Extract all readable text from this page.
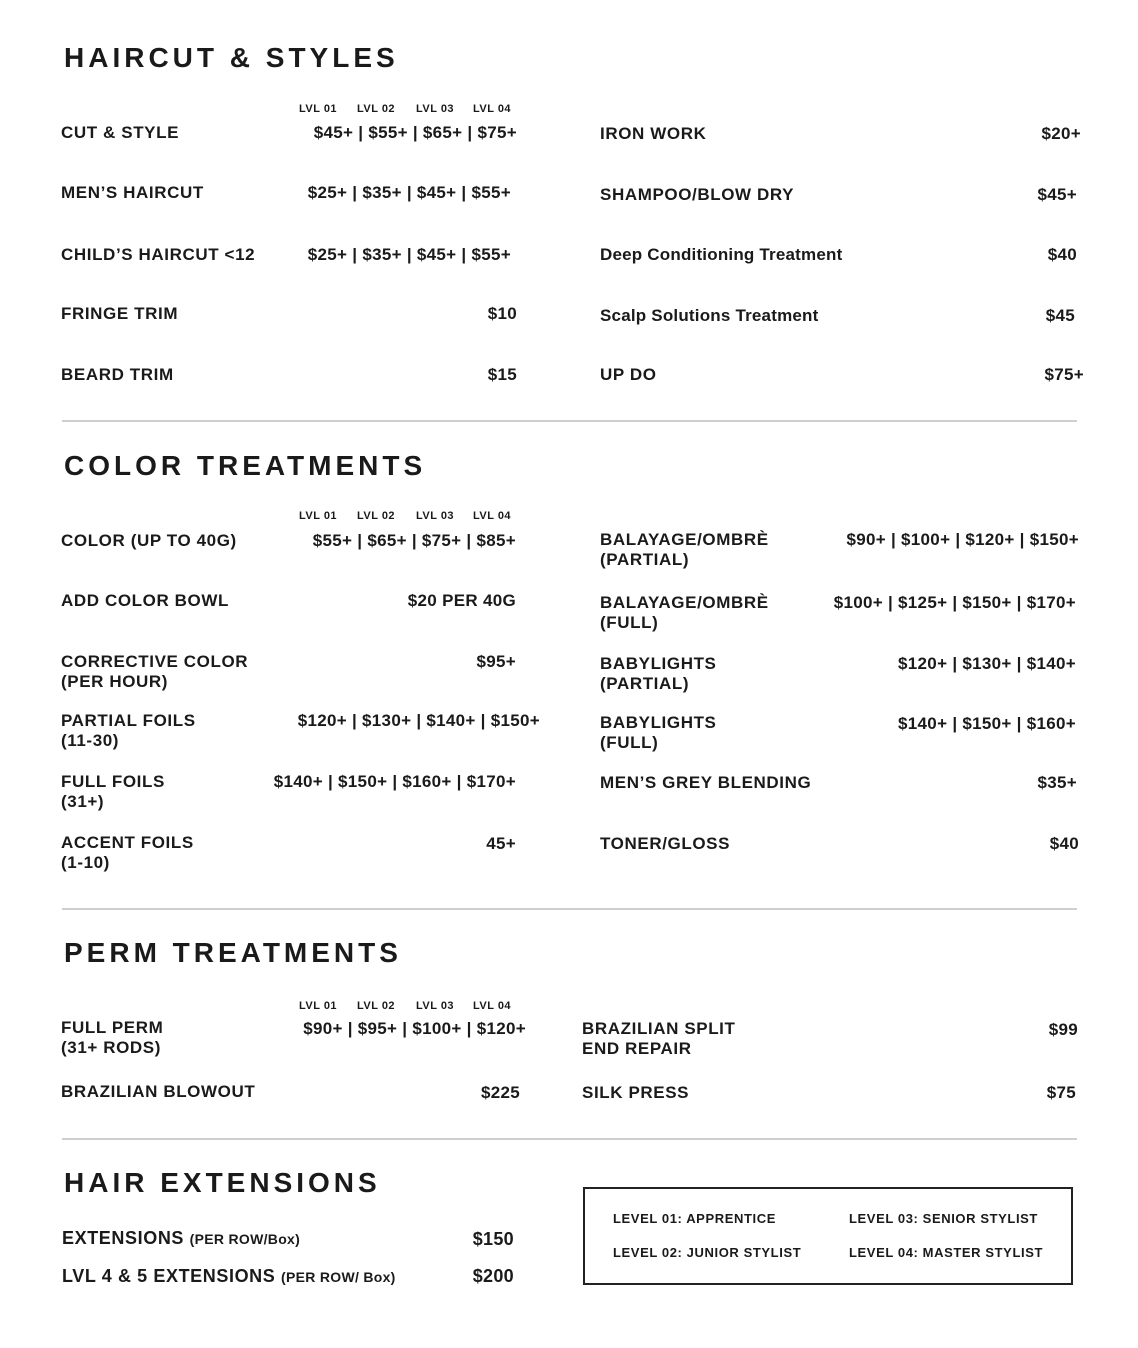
HAIRCUT & STYLES
LVL 01 LVL 02 LVL 03 LVL 04
CUT & STYLE	$45+ | $55+ | $65+ | $75+
MEN’S HAIRCUT	$25+ | $35+ | $45+ | $55+
CHILD’S HAIRCUT <12	$25+ | $35+ | $45+ | $55+
FRINGE TRIM	$10
BEARD TRIM	$15
IRON WORK	$20+
SHAMPOO/BLOW DRY	$45+
Deep Conditioning Treatment	$40
Scalp Solutions Treatment	$45
UP DO	$75+
COLOR TREATMENTS
LVL 01 LVL 02 LVL 03 LVL 04
COLOR (UP TO 40G)	$55+ | $65+ | $75+ | $85+
ADD COLOR BOWL	$20 PER 40G
CORRECTIVE COLOR
(PER HOUR)
$95+
PARTIAL FOILS
(11-30)
$120+ | $130+ | $140+ | $150+
FULL FOILS
(31+)
$140+ | $150+ | $160+ | $170+
ACCENT FOILS
(1-10)
45+
BALAYAGE/OMBRÈ
(PARTIAL)
$90+ | $100+ | $120+ | $150+
BALAYAGE/OMBRÈ
(FULL)
$100+ | $125+ | $150+ | $170+
BABYLIGHTS
(PARTIAL)
$120+ | $130+ | $140+
BABYLIGHTS
(FULL)
$140+ | $150+ | $160+
MEN’S GREY BLENDING	$35+
TONER/GLOSS	$40
PERM TREATMENTS
LVL 01 LVL 02 LVL 03 LVL 04
FULL PERM
(31+ RODS)
$90+ | $95+ | $100+ | $120+
BRAZILIAN BLOWOUT	$225
BRAZILIAN SPLIT
END REPAIR
$99
SILK PRESS	$75
HAIR EXTENSIONS
EXTENSIONS (PER ROW/Box)	$150
LVL 4 & 5 EXTENSIONS (PER ROW/ Box)	$200
LEVEL 01: APPRENTICE
LEVEL 02: JUNIOR STYLIST
LEVEL 03: SENIOR STYLIST
LEVEL 04: MASTER STYLIST
